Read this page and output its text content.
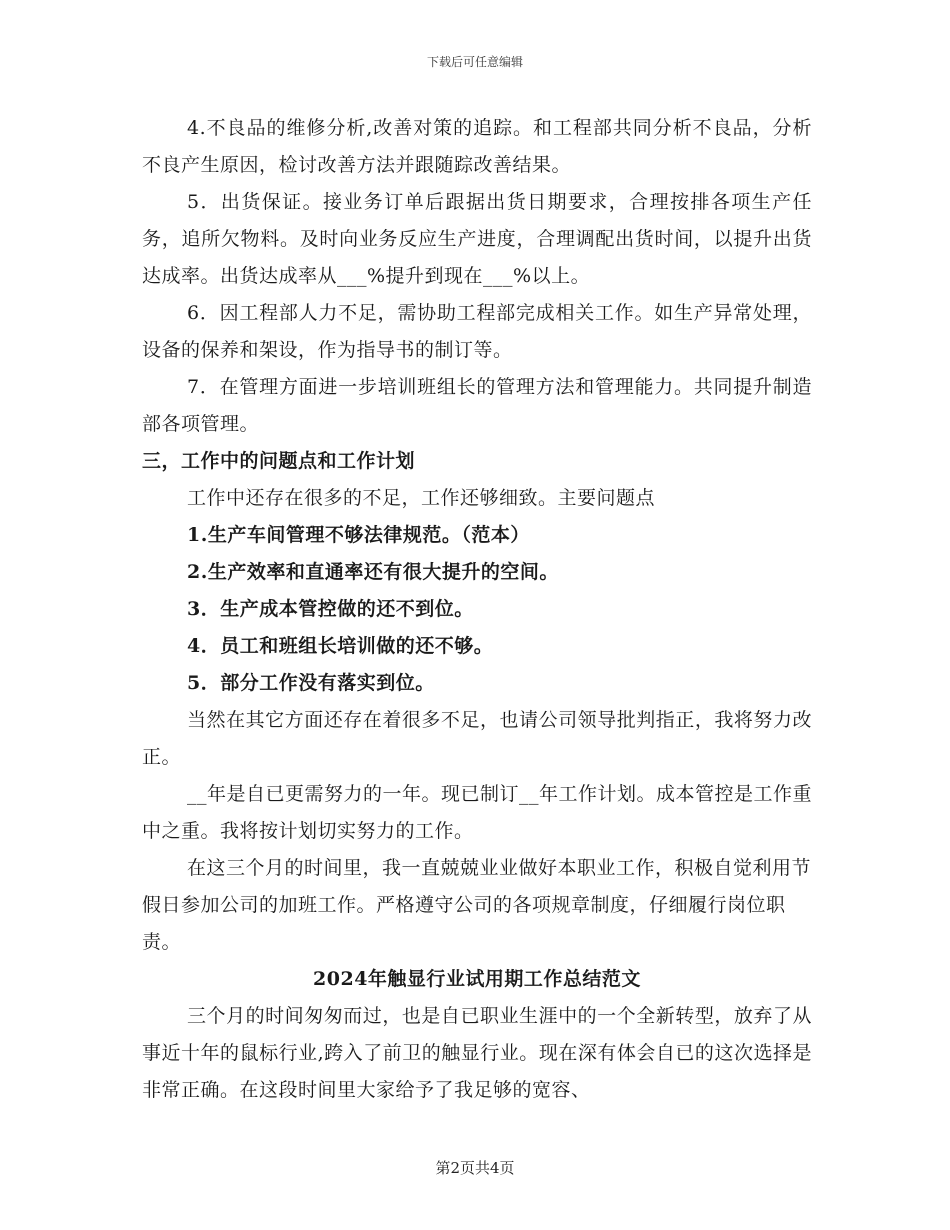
下载后可任意编辑

4.不良品的维修分析,改善对策的追踪。和工程部共同分析不良品，分析不良产生原因，检讨改善方法并跟随踪改善结果。

5．出货保证。接业务订单后跟据出货日期要求，合理按排各项生产任务，追所欠物料。及时向业务反应生产进度，合理调配出货时间，以提升出货达成率。出货达成率从___%提升到现在___%以上。

6．因工程部人力不足，需协助工程部完成相关工作。如生产异常处理，设备的保养和架设，作为指导书的制订等。

7．在管理方面进一步培训班组长的管理方法和管理能力。共同提升制造部各项管理。

三，工作中的问题点和工作计划

工作中还存在很多的不足，工作还够细致。主要问题点

1.生产车间管理不够法律规范。（范本）

2.生产效率和直通率还有很大提升的空间。

3．生产成本管控做的还不到位。

4．员工和班组长培训做的还不够。

5．部分工作没有落实到位。

当然在其它方面还存在着很多不足，也请公司领导批判指正，我将努力改正。

__年是自已更需努力的一年。现已制订__年工作计划。成本管控是工作重中之重。我将按计划切实努力的工作。

在这三个月的时间里，我一直兢兢业业做好本职业工作，积极自觉利用节假日参加公司的加班工作。严格遵守公司的各项规章制度，仔细履行岗位职责。

2024年触显行业试用期工作总结范文

三个月的时间匆匆而过，也是自已职业生涯中的一个全新转型，放弃了从事近十年的鼠标行业,跨入了前卫的触显行业。现在深有体会自已的这次选择是非常正确。在这段时间里大家给予了我足够的宽容、

第2页共4页
